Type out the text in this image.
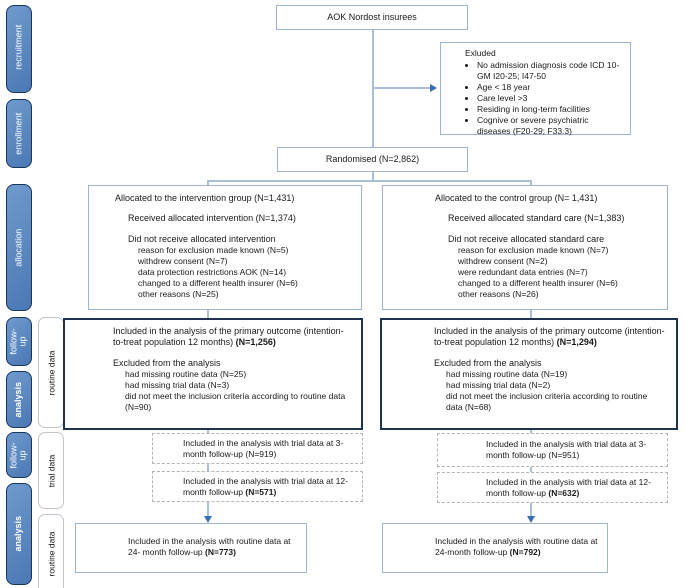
recruitment
enrollment
allocation
follow-up
analysis
follow-up
analysis
routine data
trial data
routine data
AOK Nordost insurees
Exluded
• No admission diagnosis code ICD 10-GM I20-25; I47-50
• Age < 18 year
• Care level >3
• Residing in long-term facilities
• Cognive or severe psychiatric diseases (F20-29; F33.3)
Randomised (N=2,862)

Allocated to the intervention group (N=1,431)

Received allocated intervention (N=1,374)

Did not receive allocated intervention

reason for exclusion made known (N=5)
withdrew consent (N=7)
data protection restrictions AOK (N=14)
changed to a different health insurer (N=6)
other reasons (N=25)

Allocated to the control group (N= 1,431)

Received allocated standard care (N=1,383)

Did not receive allocated standard care

reason for exclusion made known (N=7)
withdrew consent (N=2)
were redundant data entries (N=7)
changed to a different health insurer (N=6)
other reasons (N=26)

Included in the analysis of the primary outcome (intention-to-treat population 12 months) (N=1,256)

Excluded from the analysis

had missing routine data (N=25)
had missing trial data (N=3)
did not meet the inclusion criteria according to routine data (N=90)

Included in the analysis of the primary outcome (intention-to-treat population 12 months) (N=1,294)

Excluded from the analysis

had missing routine data (N=19)
had missing trial data (N=2)
did not meet the inclusion criteria according to routine data (N=68)
Included in the analysis with trial data at 3-month follow-up (N=919)
Included in the analysis with trial data at 12-month follow-up (N=571)
Included in the analysis with trial data at 3-month follow-up (N=951)
Included in the analysis with trial data at 12-month follow-up (N=632)
Included in the analysis with routine data at 24- month follow-up (N=773)
Included in the analysis with routine data at 24-month follow-up (N=792)
